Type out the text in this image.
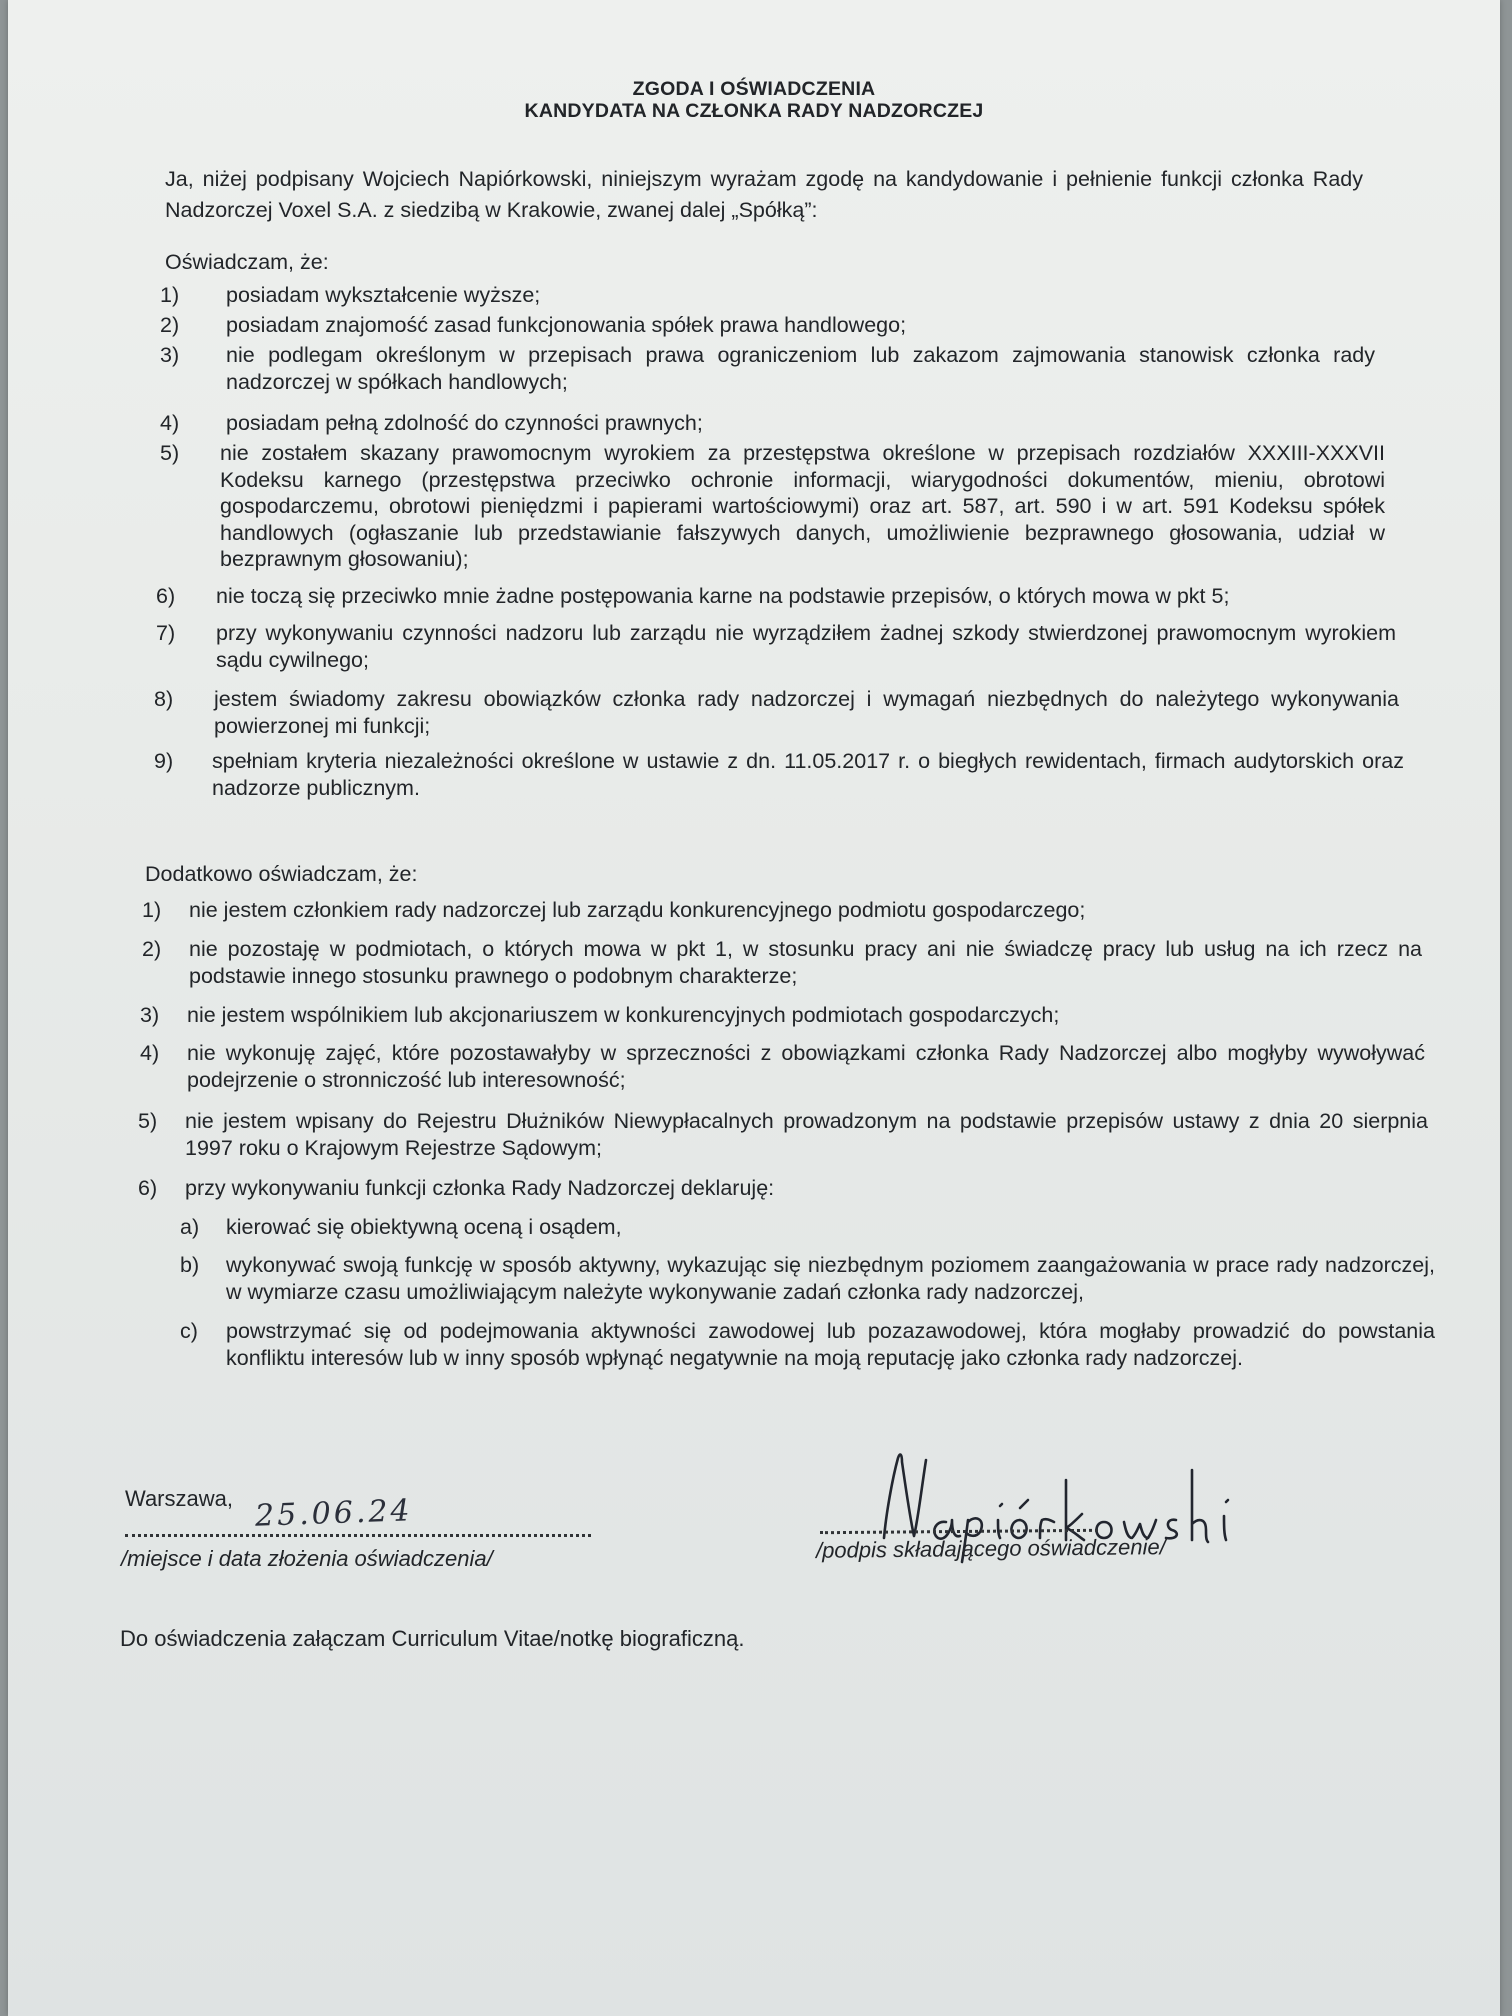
ZGODA I OŚWIADCZENIA
KANDYDATA NA CZŁONKA RADY NADZORCZEJ
Ja, niżej podpisany Wojciech Napiórkowski, niniejszym wyrażam zgodę na kandydowanie i pełnienie funkcji członka Rady Nadzorczej Voxel S.A. z siedzibą w Krakowie, zwanej dalej „Spółką”:
Oświadczam, że:
1) posiadam wykształcenie wyższe;
2) posiadam znajomość zasad funkcjonowania spółek prawa handlowego;
3) nie podlegam określonym w przepisach prawa ograniczeniom lub zakazom zajmowania stanowisk członka rady nadzorczej w spółkach handlowych;
4) posiadam pełną zdolność do czynności prawnych;
5) nie zostałem skazany prawomocnym wyrokiem za przestępstwa określone w przepisach rozdziałów XXXIII-XXXVII Kodeksu karnego (przestępstwa przeciwko ochronie informacji, wiarygodności dokumentów, mieniu, obrotowi gospodarczemu, obrotowi pieniędzmi i papierami wartościowymi) oraz art. 587, art. 590 i w art. 591 Kodeksu spółek handlowych (ogłaszanie lub przedstawianie fałszywych danych, umożliwienie bezprawnego głosowania, udział w bezprawnym głosowaniu);
6) nie toczą się przeciwko mnie żadne postępowania karne na podstawie przepisów, o których mowa w pkt 5;
7) przy wykonywaniu czynności nadzoru lub zarządu nie wyrządziłem żadnej szkody stwierdzonej prawomocnym wyrokiem sądu cywilnego;
8) jestem świadomy zakresu obowiązków członka rady nadzorczej i wymagań niezbędnych do należytego wykonywania powierzonej mi funkcji;
9) spełniam kryteria niezależności określone w ustawie z dn. 11.05.2017 r. o biegłych rewidentach, firmach audytorskich oraz nadzorze publicznym.
Dodatkowo oświadczam, że:
1) nie jestem członkiem rady nadzorczej lub zarządu konkurencyjnego podmiotu gospodarczego;
2) nie pozostaję w podmiotach, o których mowa w pkt 1, w stosunku pracy ani nie świadczę pracy lub usług na ich rzecz na podstawie innego stosunku prawnego o podobnym charakterze;
3) nie jestem wspólnikiem lub akcjonariuszem w konkurencyjnych podmiotach gospodarczych;
4) nie wykonuję zajęć, które pozostawałyby w sprzeczności z obowiązkami członka Rady Nadzorczej albo mogłyby wywoływać podejrzenie o stronniczość lub interesowność;
5) nie jestem wpisany do Rejestru Dłużników Niewypłacalnych prowadzonym na podstawie przepisów ustawy z dnia 20 sierpnia 1997 roku o Krajowym Rejestrze Sądowym;
6) przy wykonywaniu funkcji członka Rady Nadzorczej deklaruję:
a) kierować się obiektywną oceną i osądem,
b) wykonywać swoją funkcję w sposób aktywny, wykazując się niezbędnym poziomem zaangażowania w prace rady nadzorczej, w wymiarze czasu umożliwiającym należyte wykonywanie zadań członka rady nadzorczej,
c) powstrzymać się od podejmowania aktywności zawodowej lub pozazawodowej, która mogłaby prowadzić do powstania konfliktu interesów lub w inny sposób wpłynąć negatywnie na moją reputację jako członka rady nadzorczej.
Warszawa, 25.06.24
/miejsce i data złożenia oświadczenia/	/podpis składającego oświadczenie/
Do oświadczenia załączam Curriculum Vitae/notkę biograficzną.
